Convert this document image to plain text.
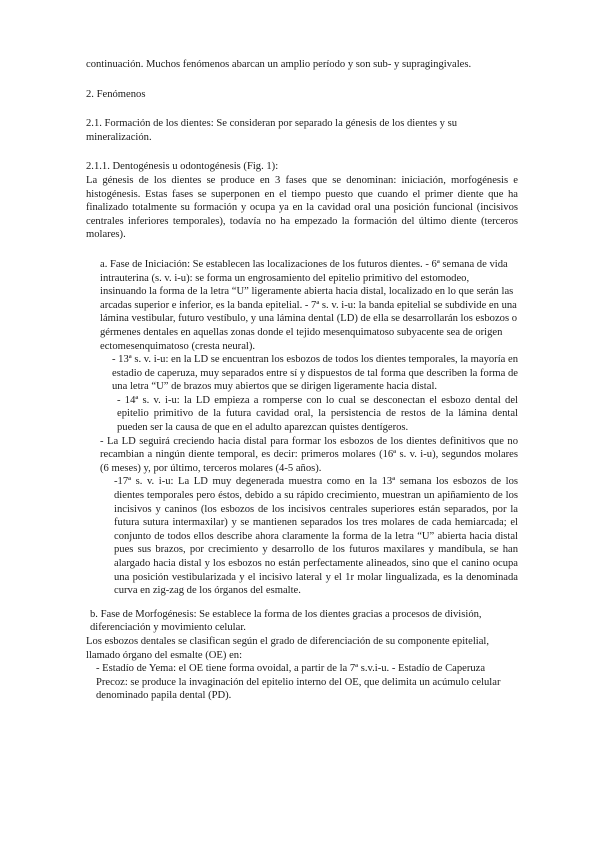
continuación. Muchos fenómenos abarcan un amplio período y son sub- y supragingivales.

2. Fenómenos

2.1. Formación de los dientes: Se consideran por separado la génesis de los dientes y su mineralización.

2.1.1. Dentogénesis u odontogénesis (Fig. 1):

La génesis de los dientes se produce en 3 fases que se denominan: iniciación, morfogénesis e histogénesis. Estas fases se superponen en el tiempo puesto que cuando el primer diente que ha finalizado totalmente su formación y ocupa ya en la cavidad oral una posición funcional (incisivos centrales inferiores temporales), todavía no ha empezado la formación del último diente (terceros molares).

a. Fase de Iniciación: Se establecen las localizaciones de los futuros dientes. - 6ª semana de vida intrauterina (s. v. i-u): se forma un engrosamiento del epitelio primitivo del estomodeo, insinuando la forma de la letra “U” ligeramente abierta hacia distal, localizado en lo que serán las arcadas superior e inferior, es la banda epitelial. - 7ª s. v. i-u: la banda epitelial se subdivide en una lámina vestibular, futuro vestíbulo, y una lámina dental (LD) de ella se desarrollarán los esbozos o gérmenes dentales en aquellas zonas donde el tejido mesenquimatoso subyacente sea de origen ectomesenquimatoso (cresta neural).

- 13ª s. v. i-u: en la LD se encuentran los esbozos de todos los dientes temporales, la mayoría en estadio de caperuza, muy separados entre sí y dispuestos de tal forma que describen la forma de una letra “U” de brazos muy abiertos que se dirigen ligeramente hacia distal.

- 14ª s. v. i-u: la LD empieza a romperse con lo cual se desconectan el esbozo dental del epitelio primitivo de la futura cavidad oral, la persistencia de restos de la lámina dental pueden ser la causa de que en el adulto aparezcan quistes dentígeros.

- La LD seguirá creciendo hacia distal para formar los esbozos de los dientes definitivos que no recambian a ningún diente temporal, es decir: primeros molares (16ª s. v. i-u), segundos molares (6 meses) y, por último, terceros molares (4-5 años).

-17ª s. v. i-u: La LD muy degenerada muestra como en la 13ª semana los esbozos de los dientes temporales pero éstos, debido a su rápido crecimiento, muestran un apiñamiento de los incisivos y caninos (los esbozos de los incisivos centrales superiores están separados, por la futura sutura intermaxilar) y se mantienen separados los tres molares de cada hemiarcada; el conjunto de todos ellos describe ahora claramente la forma de la letra “U” abierta hacia distal pues sus brazos, por crecimiento y desarrollo de los futuros maxilares y mandíbula, se han alargado hacia distal y los esbozos no están perfectamente alineados, sino que el canino ocupa una posición vestibularizada y el incisivo lateral y el 1r molar lingualizada, es la denominada curva en zig-zag de los órganos del esmalte.

b. Fase de Morfogénesis: Se establece la forma de los dientes gracias a procesos de división, diferenciación y movimiento celular.

Los esbozos dentales se clasifican según el grado de diferenciación de su componente epitelial, llamado órgano del esmalte (OE) en:

- Estadío de Yema: el OE tiene forma ovoidal, a partir de la 7ª s.v.i-u. - Estadío de Caperuza Precoz: se produce la invaginación del epitelio interno del OE, que delimita un acúmulo celular denominado papila dental (PD).
